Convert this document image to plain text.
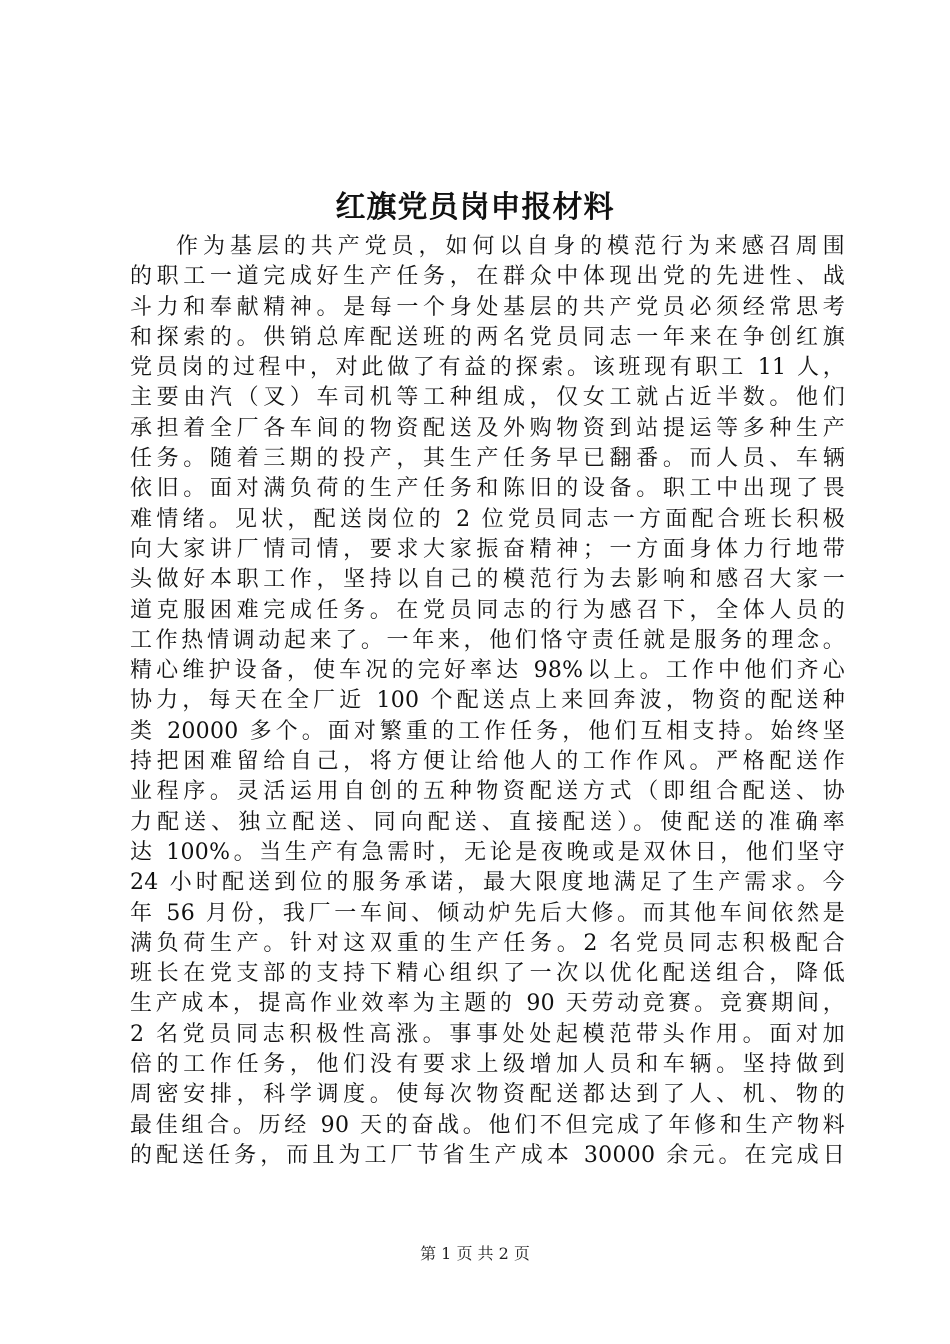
红旗党员岗申报材料
作为基层的共产党员，如何以自身的模范行为来感召周围
的职工一道完成好生产任务，在群众中体现出党的先进性、战
斗力和奉献精神。是每一个身处基层的共产党员必须经常思考
和探索的。供销总库配送班的两名党员同志一年来在争创红旗
党员岗的过程中，对此做了有益的探索。该班现有职工 11 人，
主要由汽（叉）车司机等工种组成，仅女工就占近半数。他们
承担着全厂各车间的物资配送及外购物资到站提运等多种生产
任务。随着三期的投产，其生产任务早已翻番。而人员、车辆
依旧。面对满负荷的生产任务和陈旧的设备。职工中出现了畏
难情绪。见状，配送岗位的 2 位党员同志一方面配合班长积极
向大家讲厂情司情，要求大家振奋精神；一方面身体力行地带
头做好本职工作，坚持以自己的模范行为去影响和感召大家一
道克服困难完成任务。在党员同志的行为感召下，全体人员的
工作热情调动起来了。一年来，他们恪守责任就是服务的理念。
精心维护设备，使车况的完好率达 98%以上。工作中他们齐心
协力，每天在全厂近 100 个配送点上来回奔波，物资的配送种
类 20000 多个。面对繁重的工作任务，他们互相支持。始终坚
持把困难留给自己，将方便让给他人的工作作风。严格配送作
业程序。灵活运用自创的五种物资配送方式（即组合配送、协
力配送、独立配送、同向配送、直接配送）。使配送的准确率
达 100%。当生产有急需时，无论是夜晚或是双休日，他们坚守
24 小时配送到位的服务承诺，最大限度地满足了生产需求。今
年 56 月份，我厂一车间、倾动炉先后大修。而其他车间依然是
满负荷生产。针对这双重的生产任务。2 名党员同志积极配合
班长在党支部的支持下精心组织了一次以优化配送组合，降低
生产成本，提高作业效率为主题的 90 天劳动竞赛。竞赛期间，
2 名党员同志积极性高涨。事事处处起模范带头作用。面对加
倍的工作任务，他们没有要求上级增加人员和车辆。坚持做到
周密安排，科学调度。使每次物资配送都达到了人、机、物的
最佳组合。历经 90 天的奋战。他们不但完成了年修和生产物料
的配送任务，而且为工厂节省生产成本 30000 余元。在完成日
第 1 页 共 2 页
